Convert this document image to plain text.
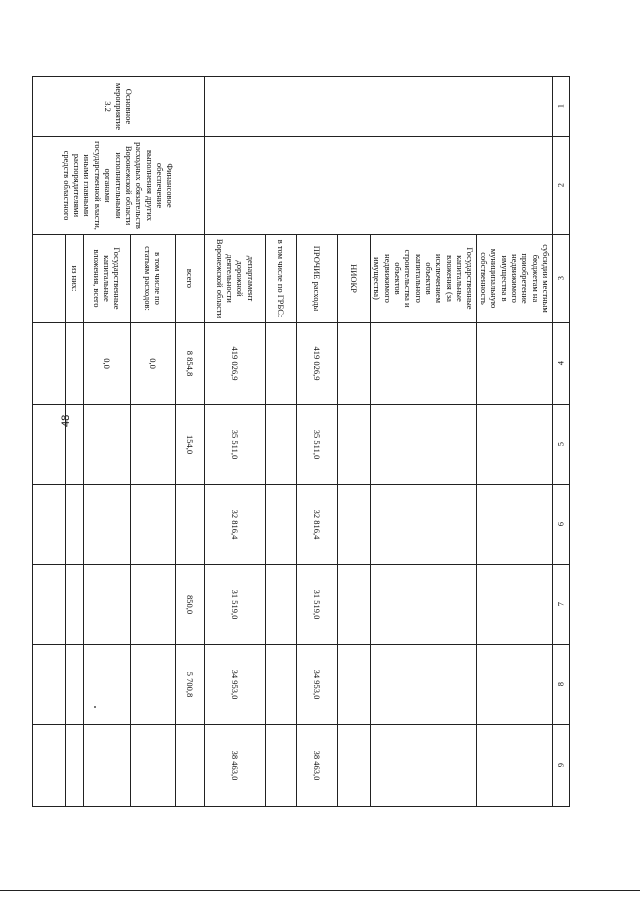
48
1	2	3	4	5	6	7	8	9
		субсидии местным бюджетам на приобретение недвижимого имущества в муниципальную собственность						
		Государственные капитальные вложения (за исключением объектов капитального строительства и объектов недвижимого имущества)						
		НИОКР						
		ПРОЧИЕ расходы	419 026,9	35 511,0	32 816,4	31 519,0	34 953,0	38 463,0
		в том числе по ГРБС:						
		департамент дорожной деятельности Воронежской области	419 026,9	35 511,0	32 816,4	31 519,0	34 953,0	38 463,0
Основное мероприятие 3.2	Финансовое обеспечение выполнения других расходных обязательств Воронежской области исполнительными органами государственной власти, иными главными распорядителями средств областного	всего	8 854,8	154,0		850,0	5 700,8	
		в том числе по статьям расходов:	0,0					
		Государственные капитальные вложения, всего	0,0					
		из них:						
